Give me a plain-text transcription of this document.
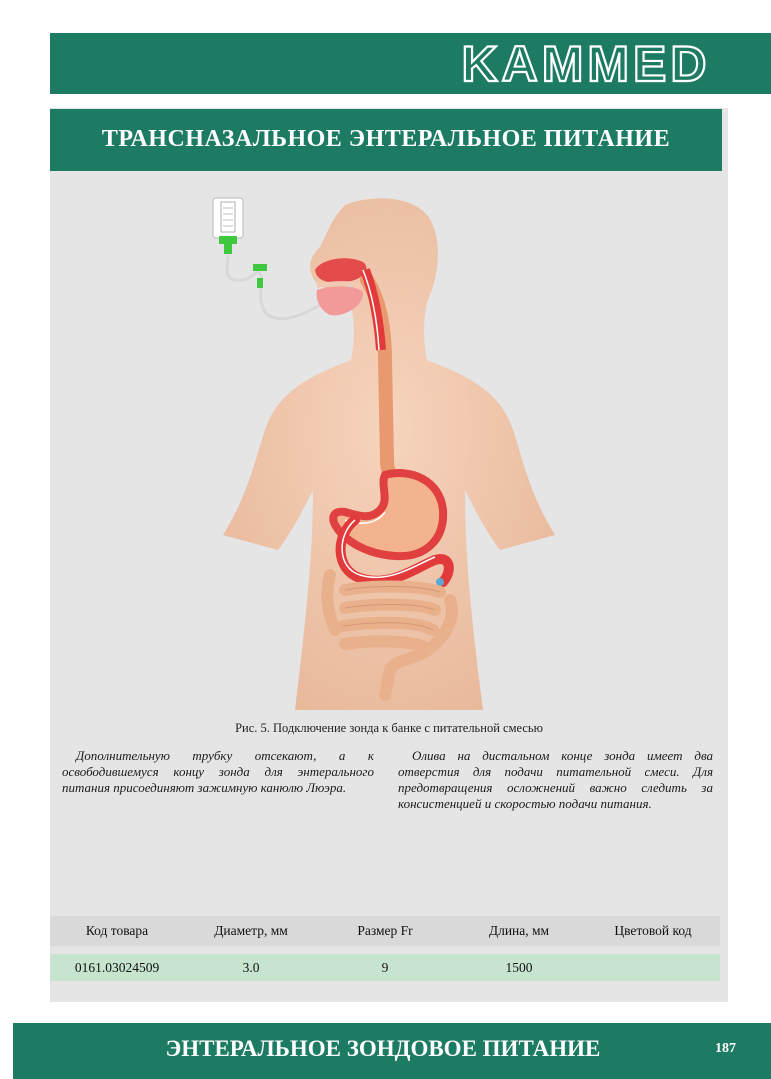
KAMMED
ТРАНСНАЗАЛЬНОЕ ЭНТЕРАЛЬНОЕ ПИТАНИЕ
Рис. 5. Подключение зонда к банке с питательной смесью
Дополнительную трубку отсекают, а к освободившемуся концу зонда для энтерального питания присоединяют зажимную канюлю Люэра.
Олива на дистальном конце зонда имеет два отверстия для подачи питательной смеси. Для предотвращения осложнений важно следить за консистенцией и скоростью подачи питания.
Код товара	Диаметр, мм	Размер Fr	Длина, мм	Цветовой код
0161.03024509	3.0	9	1500
ЭНТЕРАЛЬНОЕ ЗОНДОВОЕ ПИТАНИЕ	187
